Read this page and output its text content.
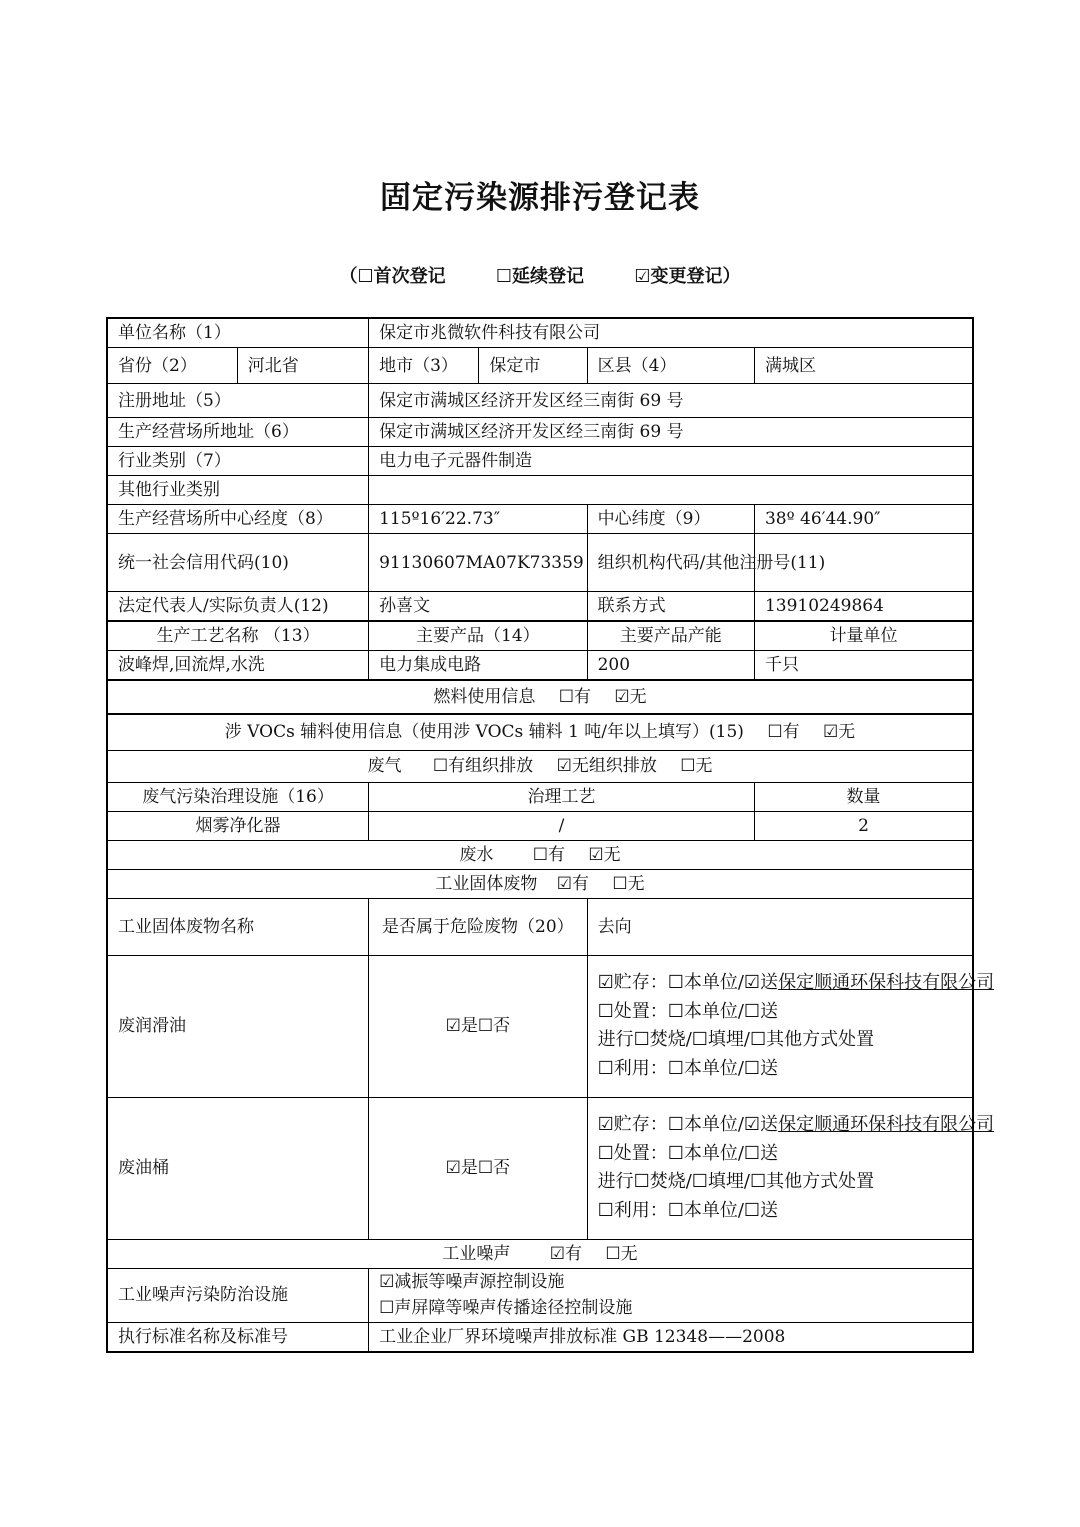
固定污染源排污登记表
（☐首次登记	☐延续登记	☑变更登记）
单位名称（1）		保定市兆微软件科技有限公司			
省份（2）	河北省	地市（3）	保定市	区县（4）	满城区
注册地址（5）		保定市满城区经济开发区经三南街 69 号			
生产经营场所地址（6）		保定市满城区经济开发区经三南街 69 号			
行业类别（7）		电力电子元器件制造			
其他行业类别					
生产经营场所中心经度（8）		115º16′22.73″		中心纬度（9）	38º 46′44.90″
统一社会信用代码(10)		91130607MA07K73359		组织机构代码/其他注册号(11)	
法定代表人/实际负责人(12)		孙喜文		联系方式	13910249864
生产工艺名称 （13）		主要产品（14）		主要产品产能	计量单位
波峰焊,回流焊,水洗		电力集成电路		200	千只
燃料使用信息 ☐有 ☑无					
涉 VOCs 辅料使用信息（使用涉 VOCs 辅料 1 吨/年以上填写）(15) ☐有 ☑无					
废气 ☐有组织排放 ☑无组织排放 ☐无					
废气污染治理设施（16）		治理工艺			数量
烟雾净化器		/			2
废水 ☐有 ☑无					
工业固体废物 ☑有 ☐无					
工业固体废物名称		是否属于危险废物（20）		去向	
废润滑油		☑是☐否		☑贮存：☐本单位/☑送保定顺通环保科技有限公司
☐处置：☐本单位/☐送
进行☐焚烧/☐填埋/☐其他方式处置
☐利用：☐本单位/☐送	
废油桶		☑是☐否		☑贮存：☐本单位/☑送保定顺通环保科技有限公司
☐处置：☐本单位/☐送
进行☐焚烧/☐填埋/☐其他方式处置
☐利用：☐本单位/☐送	
工业噪声 ☑有 ☐无					
工业噪声污染防治设施		☑减振等噪声源控制设施
☐声屏障等噪声传播途径控制设施			
执行标准名称及标准号		工业企业厂界环境噪声排放标准 GB 12348——2008			
